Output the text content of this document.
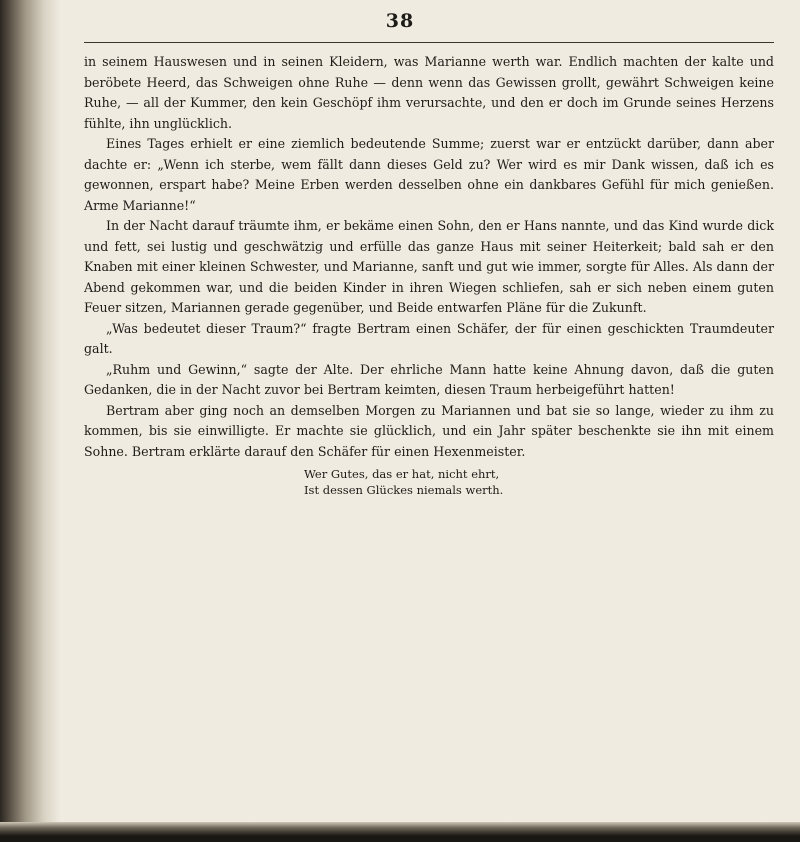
38

in seinem Hauswesen und in seinen Kleidern, was Marianne werth war. Endlich machten der kalte und beröbete Heerd, das Schweigen ohne Ruhe — denn wenn das Gewissen grollt, gewährt Schweigen keine Ruhe, — all der Kummer, den kein Geschöpf ihm verursachte, und den er doch im Grunde seines Herzens fühlte, ihn unglücklich.

Eines Tages erhielt er eine ziemlich bedeutende Summe; zuerst war er entzückt darüber, dann aber dachte er: „Wenn ich sterbe, wem fällt dann dieses Geld zu? Wer wird es mir Dank wissen, daß ich es gewonnen, erspart habe? Meine Erben werden desselben ohne ein dankbares Gefühl für mich genießen. Arme Marianne!“

In der Nacht darauf träumte ihm, er bekäme einen Sohn, den er Hans nannte, und das Kind wurde dick und fett, sei lustig und geschwätzig und erfülle das ganze Haus mit seiner Heiterkeit; bald sah er den Knaben mit einer kleinen Schwester, und Marianne, sanft und gut wie immer, sorgte für Alles. Als dann der Abend gekommen war, und die beiden Kinder in ihren Wiegen schliefen, sah er sich neben einem guten Feuer sitzen, Mariannen gerade gegenüber, und Beide entwarfen Pläne für die Zukunft.

„Was bedeutet dieser Traum?“ fragte Bertram einen Schäfer, der für einen geschickten Traumdeuter galt.

„Ruhm und Gewinn,“ sagte der Alte. Der ehrliche Mann hatte keine Ahnung davon, daß die guten Gedanken, die in der Nacht zuvor bei Bertram keimten, diesen Traum herbeigeführt hatten!

Bertram aber ging noch an demselben Morgen zu Mariannen und bat sie so lange, wieder zu ihm zu kommen, bis sie einwilligte. Er machte sie glücklich, und ein Jahr später beschenkte sie ihn mit einem Sohne. Bertram erklärte darauf den Schäfer für einen Hexenmeister.

Wer Gutes, das er hat, nicht ehrt,
Ist dessen Glückes niemals werth.
